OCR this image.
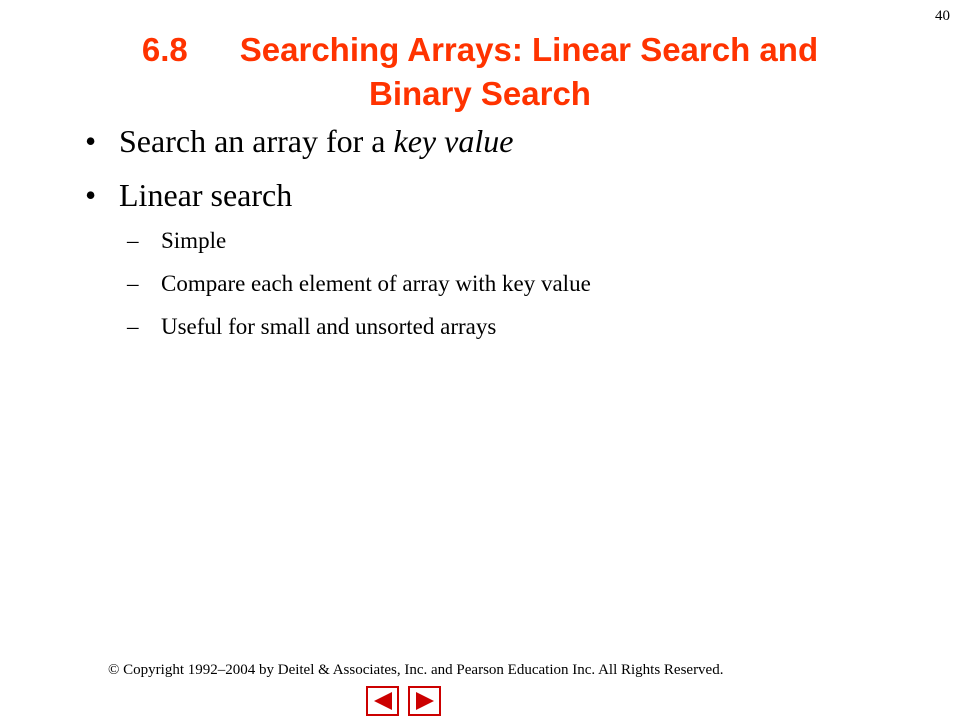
40
6.8 Searching Arrays: Linear Search and
Binary Search
• Search an array for a key value
• Linear search
– Simple
– Compare each element of array with key value
– Useful for small and unsorted arrays
© Copyright 1992–2004 by Deitel & Associates, Inc. and Pearson Education Inc. All Rights Reserved.
